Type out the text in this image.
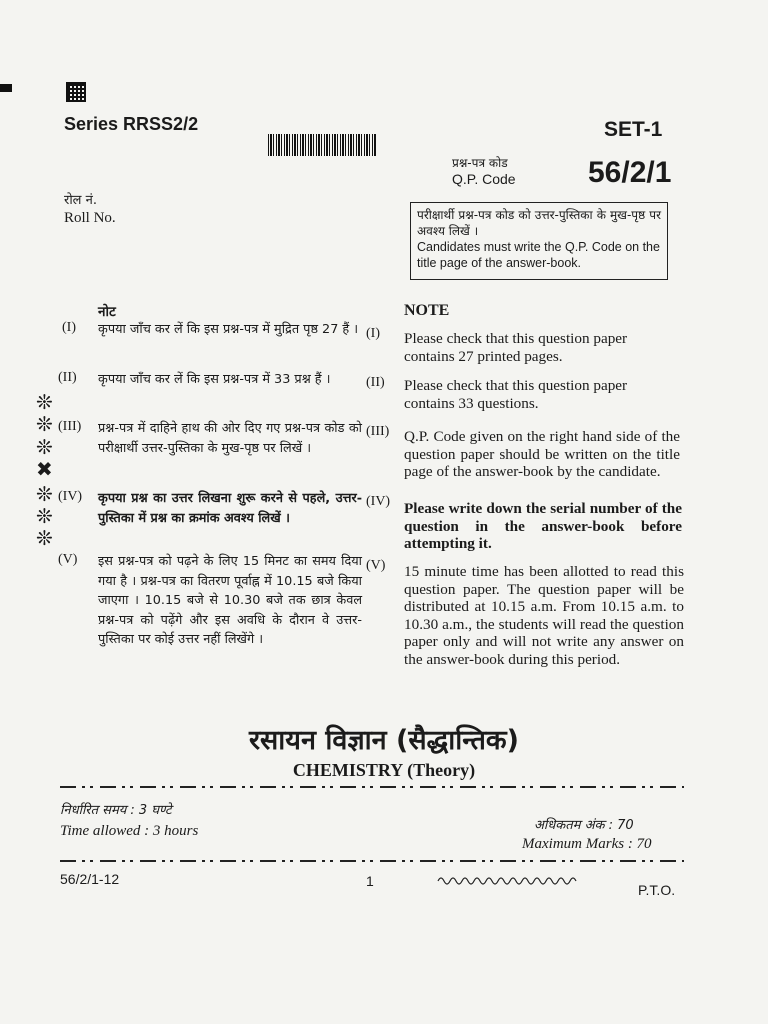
Series RRSS2/2	SET-1
प्रश्न-पत्र कोड
Q.P. Code 56/2/1
रोल नं.
Roll No.	परीक्षार्थी प्रश्न-पत्र कोड को उत्तर-पुस्तिका के मुख-पृष्ठ पर अवश्य लिखें ।
Candidates must write the Q.P. Code on the title page of the answer-book.
❊
❊
❊
✖
❊
❊
❊
नोट	NOTE
(I) कृपया जाँच कर लें कि इस प्रश्न-पत्र में मुद्रित पृष्ठ 27 हैं । (I) Please check that this question paper contains 27 printed pages.
(II) कृपया जाँच कर लें कि इस प्रश्न-पत्र में 33 प्रश्न हैं ।	(II) Please check that this question paper contains 33 questions.
(III) प्रश्न-पत्र में दाहिने हाथ की ओर दिए गए प्रश्न-पत्र कोड को परीक्षार्थी उत्तर-पुस्तिका के मुख-पृष्ठ पर लिखें ।
(III) Q.P. Code given on the right hand side of the question paper should be written on the title page of the answer-book by the candidate.
(IV) कृपया प्रश्न का उत्तर लिखना शुरू करने से पहले, उत्तर-पुस्तिका में प्रश्न का क्रमांक अवश्य लिखें ।
(IV) Please write down the serial number of the question in the answer-book before attempting it.
(V) इस प्रश्न-पत्र को पढ़ने के लिए 15 मिनट का समय दिया गया है । प्रश्न-पत्र का वितरण पूर्वाह्न में 10.15 बजे किया जाएगा । 10.15 बजे से 10.30 बजे तक छात्र केवल प्रश्न-पत्र को पढ़ेंगे और इस अवधि के दौरान वे उत्तर-पुस्तिका पर कोई उत्तर नहीं लिखेंगे ।
(V) 15 minute time has been allotted to read this question paper. The question paper will be distributed at 10.15 a.m. From 10.15 a.m. to 10.30 a.m., the students will read the question paper only and will not write any answer on the answer-book during this period.
रसायन विज्ञान (सैद्धान्तिक)
CHEMISTRY (Theory)
निर्धारित समय : 3 घण्टे
Time allowed : 3 hours	अधिकतम अंक : 70
Maximum Marks : 70
56/2/1-12	1
P.T.O.
